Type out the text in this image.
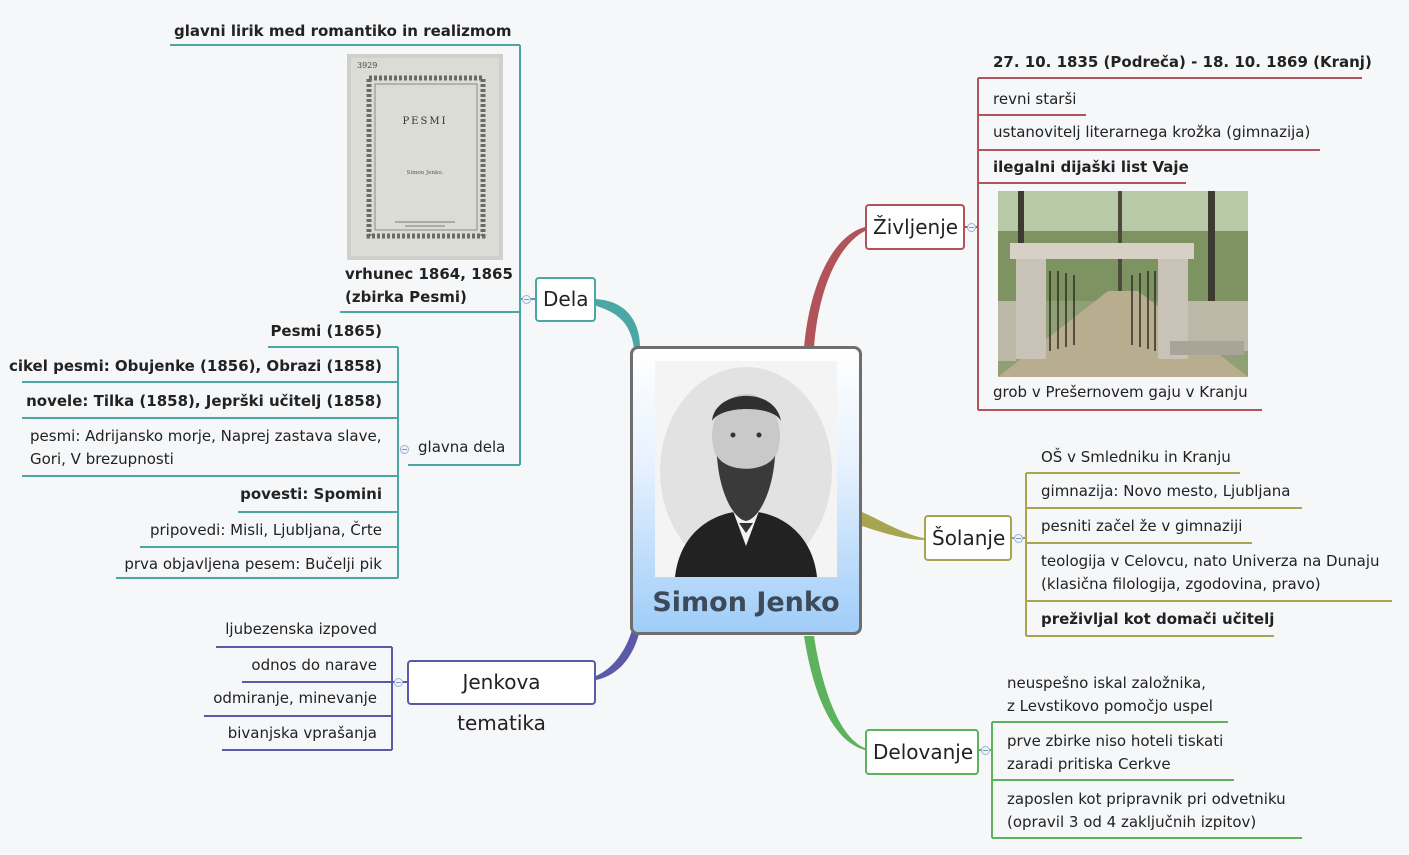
Simon Jenko
Dela
Jenkova tematika
Življenje
Šolanje
Delovanje
glavni lirik med romantiko in realizmom
3929
PESMI
Simon Jenko.
vrhunec 1864, 1865
(zbirka Pesmi)
glavna dela
Pesmi (1865)
cikel pesmi: Obujenke (1856), Obrazi (1858)
novele: Tilka (1858), Jeprški učitelj (1858)
pesmi: Adrijansko morje, Naprej zastava slave,
Gori, V brezupnosti
povesti: Spomini
pripovedi: Misli, Ljubljana, Črte
prva objavljena pesem: Bučelji pik
ljubezenska izpoved
odnos do narave
odmiranje, minevanje
bivanjska vprašanja
27. 10. 1835 (Podreča) - 18. 10. 1869 (Kranj)
revni starši
ustanovitelj literarnega krožka (gimnazija)
ilegalni dijaški list Vaje
grob v Prešernovem gaju v Kranju
OŠ v Smledniku in Kranju
gimnazija: Novo mesto, Ljubljana
pesniti začel že v gimnaziji
teologija v Celovcu, nato Univerza na Dunaju
(klasična filologija, zgodovina, pravo)
preživljal kot domači učitelj
neuspešno iskal založnika,
z Levstikovo pomočjo uspel
prve zbirke niso hoteli tiskati
zaradi pritiska Cerkve
zaposlen kot pripravnik pri odvetniku
(opravil 3 od 4 zaključnih izpitov)
